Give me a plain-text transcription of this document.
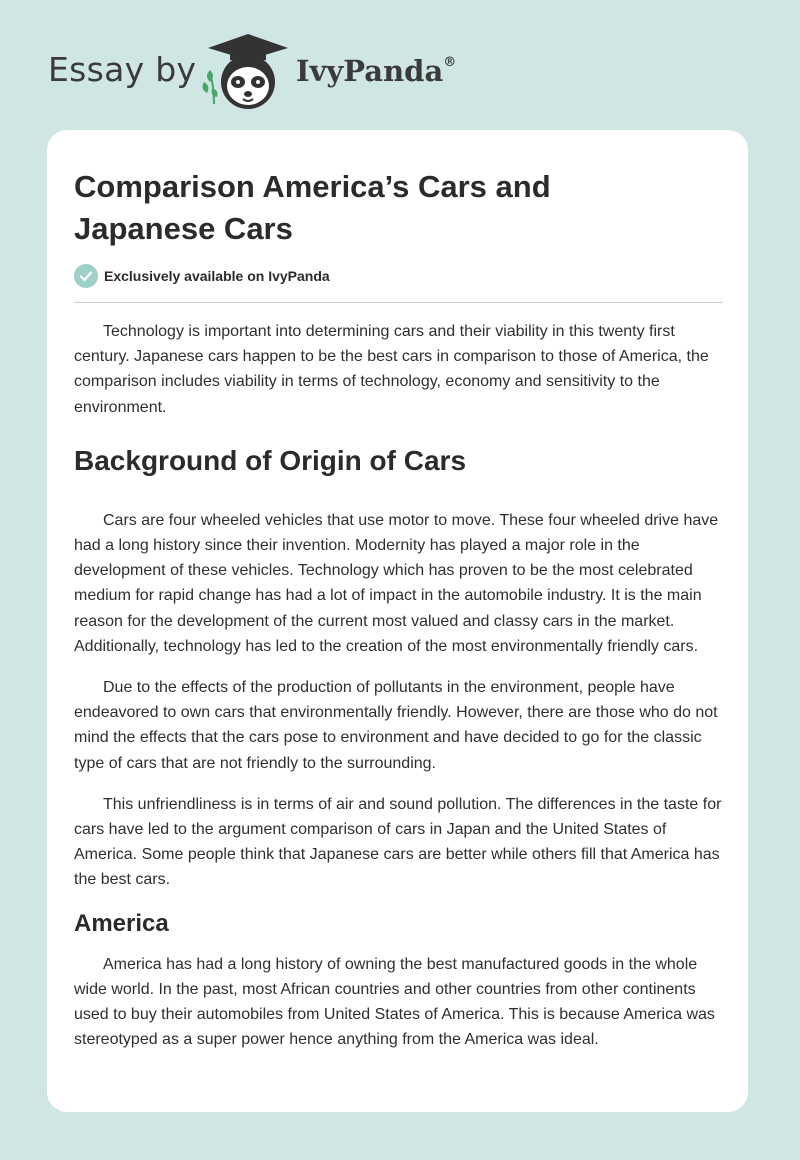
Essay by	IvyPanda®
Comparison America’s Cars and Japanese Cars
Exclusively available on IvyPanda

Technology is important into determining cars and their viability in this twenty first century. Japanese cars happen to be the best cars in comparison to those of America, the comparison includes viability in terms of technology, economy and sensitivity to the environment.

Background of Origin of Cars

Cars are four wheeled vehicles that use motor to move. These four wheeled drive have had a long history since their invention. Modernity has played a major role in the development of these vehicles. Technology which has proven to be the most celebrated medium for rapid change has had a lot of impact in the automobile industry. It is the main reason for the development of the current most valued and classy cars in the market. Additionally, technology has led to the creation of the most environmentally friendly cars.

Due to the effects of the production of pollutants in the environment, people have endeavored to own cars that environmentally friendly. However, there are those who do not mind the effects that the cars pose to environment and have decided to go for the classic type of cars that are not friendly to the surrounding.

This unfriendliness is in terms of air and sound pollution. The differences in the taste for cars have led to the argument comparison of cars in Japan and the United States of America. Some people think that Japanese cars are better while others fill that America has the best cars.

America

America has had a long history of owning the best manufactured goods in the whole wide world. In the past, most African countries and other countries from other continents used to buy their automobiles from United States of America. This is because America was stereotyped as a super power hence anything from the America was ideal.
